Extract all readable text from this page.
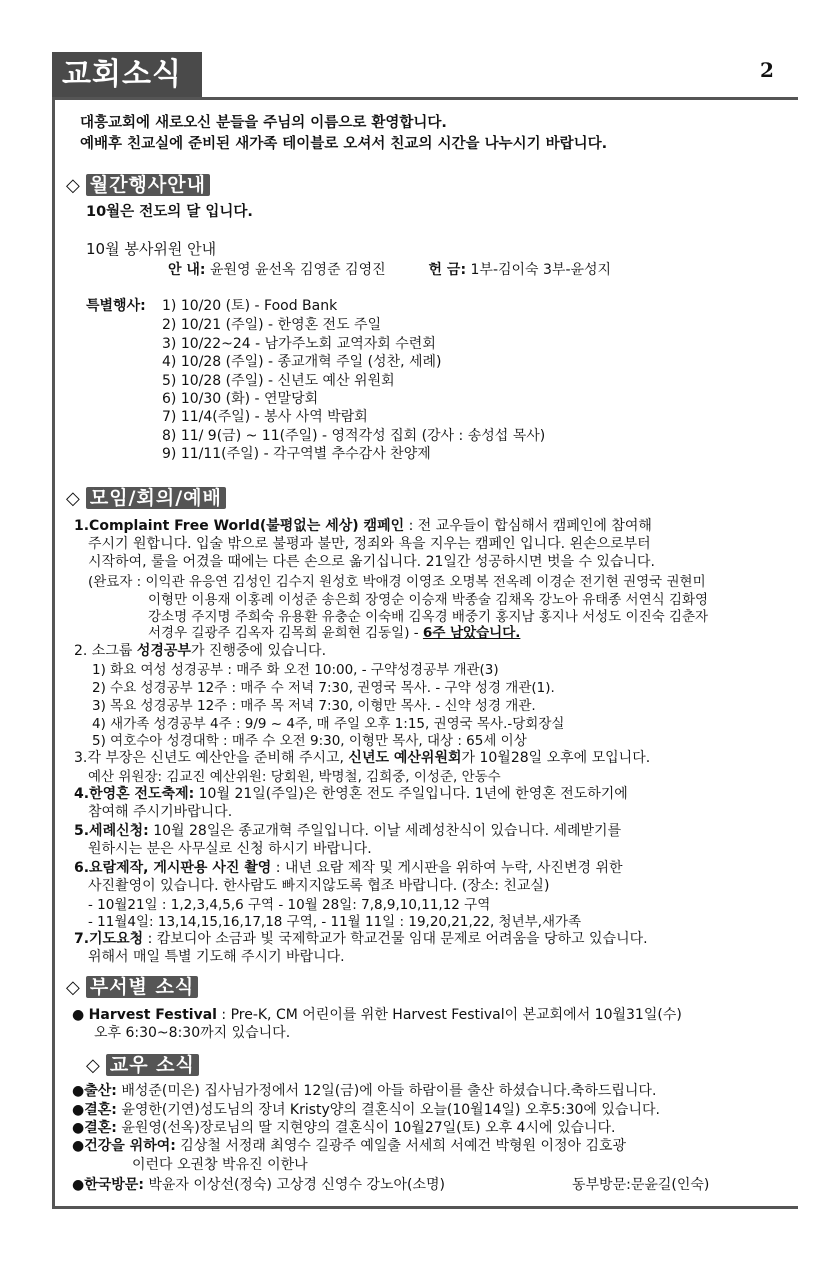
교회소식	2
대흥교회에 새로오신 분들을 주님의 이름으로 환영합니다.
예배후 친교실에 준비된 새가족 테이블로 오셔서 친교의 시간을 나누시기 바랍니다.
◇ 월간행사안내
10월은 전도의 달 입니다.
10월 봉사위원 안내
안 내: 윤원영 윤선옥 김영준 김영진	헌 금: 1부-김이숙 3부-윤성지
특별행사: 1) 10/20 (토) - Food Bank
2) 10/21 (주일) - 한영혼 전도 주일
3) 10/22~24 - 남가주노회 교역자회 수련회
4) 10/28 (주일) - 종교개혁 주일 (성찬, 세례)
5) 10/28 (주일) - 신년도 예산 위원회
6) 10/30 (화) - 연말당회
7) 11/4(주일) - 봉사 사역 박람회
8) 11/ 9(금) ~ 11(주일) - 영적각성 집회 (강사 : 송성섭 목사)
9) 11/11(주일) - 각구역별 추수감사 찬양제
◇ 모임/회의/예배
1.Complaint Free World(불평없는 세상) 캠페인 : 전 교우들이 합심해서 캠페인에 참여해
주시기 원합니다. 입술 밖으로 불평과 불만, 정죄와 욕을 지우는 캠페인 입니다. 왼손으로부터
시작하여, 룰을 어겼을 때에는 다른 손으로 옮기십니다. 21일간 성공하시면 벗을 수 있습니다.
(완료자 : 이익관 유응연 김성인 김수지 원성호 박애경 이영조 오명복 전옥례 이경순 전기현 권영국 권현미
이형만 이용재 이홍례 이성준 송은희 장영순 이승재 박종술 김채옥 강노아 유태종 서연식 김화영
강소명 주지명 주희숙 유용환 유충순 이숙배 김옥경 배중기 홍지남 홍지나 서성도 이진숙 김춘자
서경우 길광주 김옥자 김목희 윤희현 김동일) - 6주 남았습니다.
2. 소그룹 성경공부가 진행중에 있습니다.
1) 화요 여성 성경공부 : 매주 화 오전 10:00, - 구약성경공부 개관(3)
2) 수요 성경공부 12주 : 매주 수 저녁 7:30, 권영국 목사. - 구약 성경 개관(1).
3) 목요 성경공부 12주 : 매주 목 저녁 7:30, 이형만 목사. - 신약 성경 개관.
4) 새가족 성경공부 4주 : 9/9 ~ 4주, 매 주일 오후 1:15, 권영국 목사.-당회장실
5) 여호수아 성경대학 : 매주 수 오전 9:30, 이형만 목사, 대상 : 65세 이상
3.각 부장은 신년도 예산안을 준비해 주시고, 신년도 예산위원회가 10월28일 오후에 모입니다.
예산 위원장: 김교진 예산위원: 당회원, 박명철, 김희중, 이성준, 안동수
4.한영혼 전도축제: 10월 21일(주일)은 한영혼 전도 주일입니다. 1년에 한영혼 전도하기에
참여해 주시기바랍니다.
5.세례신청: 10월 28일은 종교개혁 주일입니다. 이날 세례성찬식이 있습니다. 세례받기를
원하시는 분은 사무실로 신청 하시기 바랍니다.
6.요람제작, 게시판용 사진 촬영 : 내년 요람 제작 및 게시판을 위하여 누락, 사진변경 위한
사진촬영이 있습니다. 한사람도 빠지지않도록 협조 바랍니다. (장소: 친교실)
- 10월21일 : 1,2,3,4,5,6 구역 - 10월 28일: 7,8,9,10,11,12 구역
- 11월4일: 13,14,15,16,17,18 구역, - 11월 11일 : 19,20,21,22, 청년부,새가족
7.기도요청 : 캄보디아 소금과 빛 국제학교가 학교건물 임대 문제로 어려움을 당하고 있습니다.
위해서 매일 특별 기도해 주시기 바랍니다.
◇ 부서별 소식
● Harvest Festival : Pre-K, CM 어린이를 위한 Harvest Festival이 본교회에서 10월31일(수)
오후 6:30~8:30까지 있습니다.
◇ 교우 소식
●출산: 배성준(미은) 집사님가정에서 12일(금)에 아들 하람이를 출산 하셨습니다.축하드립니다.
●결혼: 윤영한(기연)성도님의 장녀 Kristy양의 결혼식이 오늘(10월14일) 오후5:30에 있습니다.
●결혼: 윤원영(선옥)장로님의 딸 지현양의 결혼식이 10월27일(토) 오후 4시에 있습니다.
●건강을 위하여: 김상철 서정래 최영수 길광주 예일출 서세희 서예건 박형원 이정아 김호광
이런다 오권창 박유진 이한나
●한국방문: 박윤자 이상선(정숙) 고상경 신영수 강노아(소명)	동부방문:문윤길(인숙)
